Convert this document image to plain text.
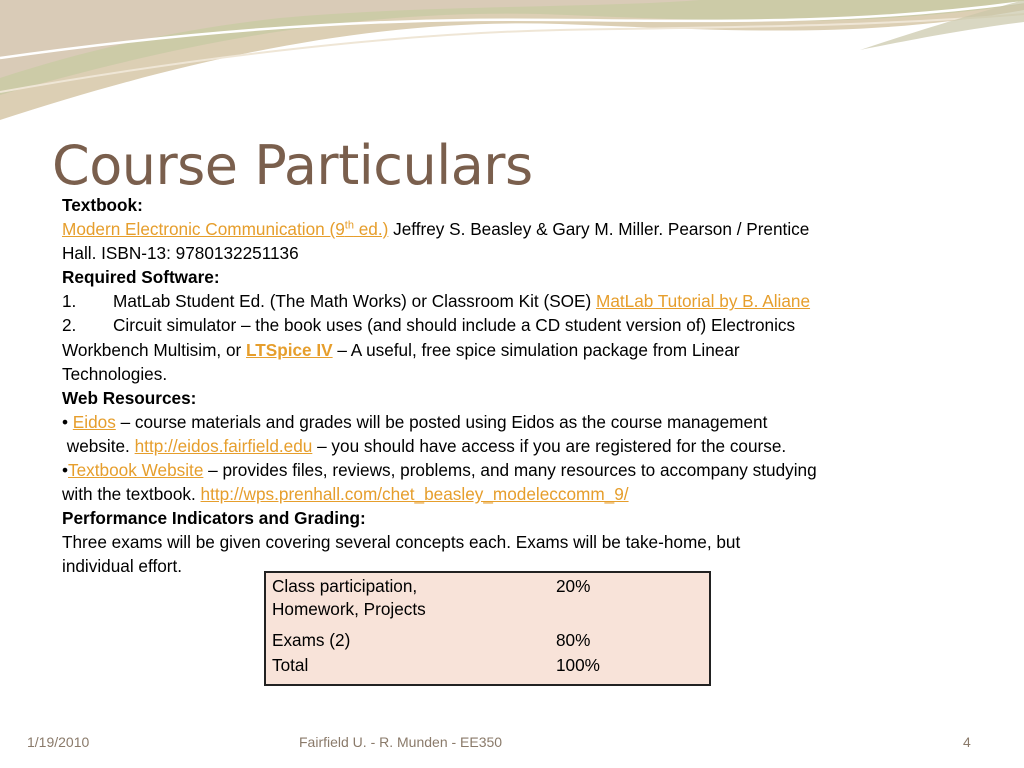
Course Particulars

Textbook:

Modern Electronic Communication (9th ed.) Jeffrey S. Beasley & Gary M. Miller. Pearson / Prentice

Hall. ISBN-13: 9780132251136

Required Software:

1. MatLab Student Ed. (The Math Works) or Classroom Kit (SOE) MatLab Tutorial by B. Aliane

2. Circuit simulator – the book uses (and should include a CD student version of) Electronics

Workbench Multisim, or LTSpice IV – A useful, free spice simulation package from Linear

Technologies.

Web Resources:

• Eidos – course materials and grades will be posted using Eidos as the course management

website. http://eidos.fairfield.edu – you should have access if you are registered for the course.

•Textbook Website – provides files, reviews, problems, and many resources to accompany studying

with the textbook. http://wps.prenhall.com/chet_beasley_modeleccomm_9/

Performance Indicators and Grading:

Three exams will be given covering several concepts each. Exams will be take-home, but

individual effort.

Class participation,
Homework, Projects	20%
Exams (2)	80%
Total	100%
1/19/2010	Fairfield U. - R. Munden - EE350	4
